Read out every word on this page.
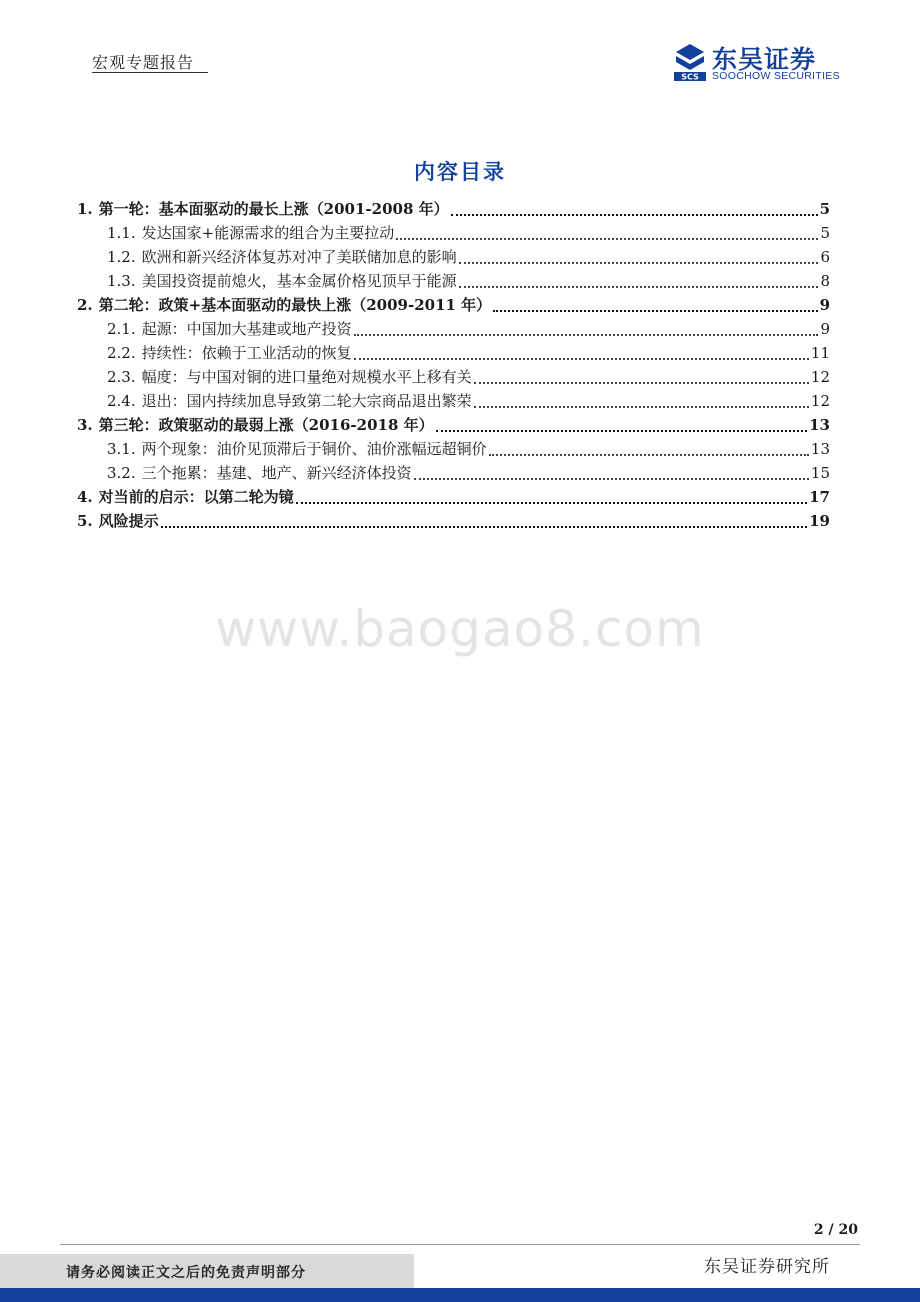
宏观专题报告
SCS
东吴证券
SOOCHOW SECURITIES
内容目录
1. 第一轮：基本面驱动的最长上涨（2001-2008 年）	5
1.1. 发达国家+能源需求的组合为主要拉动	5
1.2. 欧洲和新兴经济体复苏对冲了美联储加息的影响	6
1.3. 美国投资提前熄火，基本金属价格见顶早于能源	8
2. 第二轮：政策+基本面驱动的最快上涨（2009-2011 年）	9
2.1. 起源：中国加大基建或地产投资	9
2.2. 持续性：依赖于工业活动的恢复	11
2.3. 幅度：与中国对铜的进口量绝对规模水平上移有关	12
2.4. 退出：国内持续加息导致第二轮大宗商品退出繁荣	12
3. 第三轮：政策驱动的最弱上涨（2016-2018 年）	13
3.1. 两个现象：油价见顶滞后于铜价、油价涨幅远超铜价	13
3.2. 三个拖累：基建、地产、新兴经济体投资	15
4. 对当前的启示：以第二轮为镜	17
5. 风险提示	19
www.baogao8.com
2 / 20
请务必阅读正文之后的免责声明部分	东吴证券研究所
